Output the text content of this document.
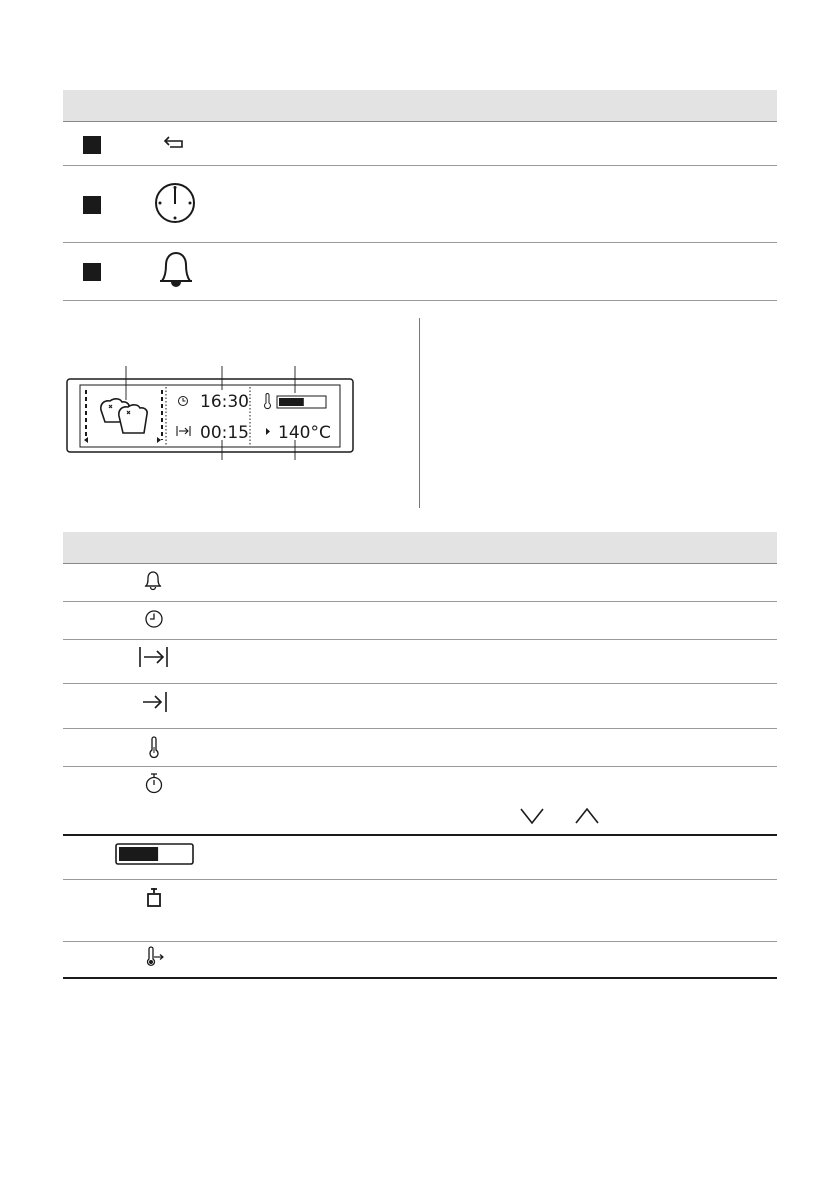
16:30
00:15 140°C
